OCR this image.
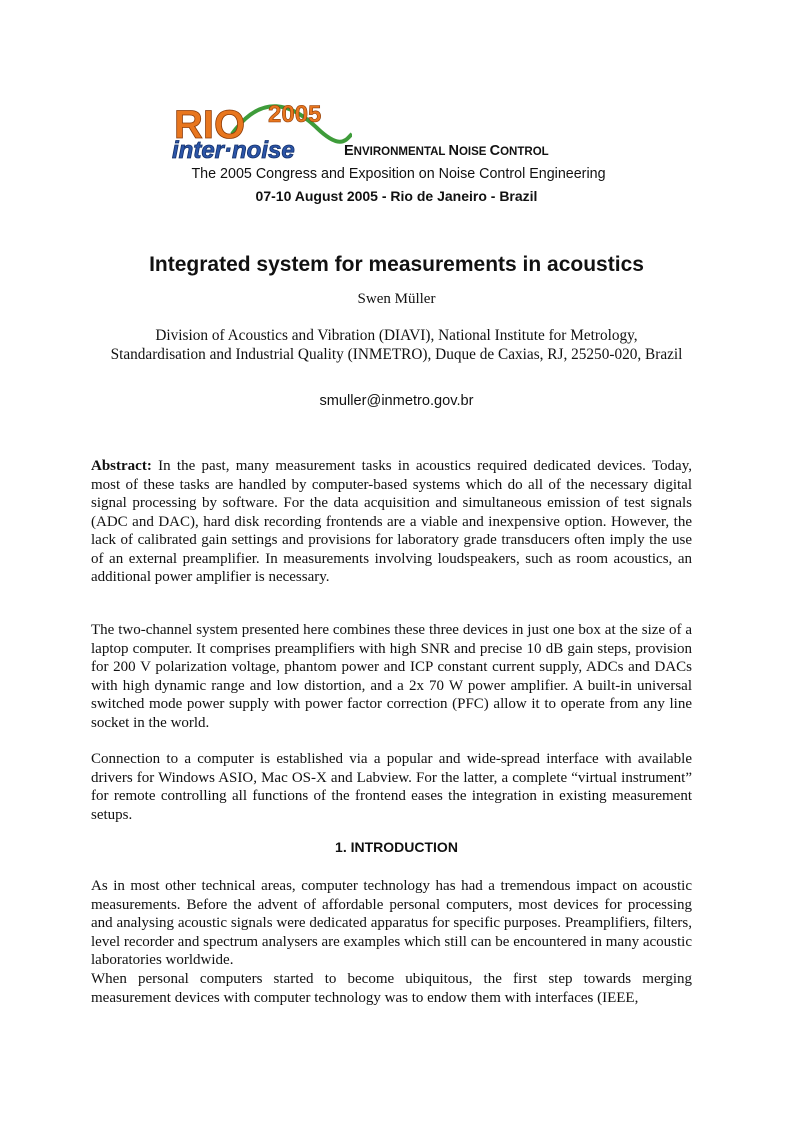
RIO 2005
inter·noise	ENVIRONMENTAL NOISE CONTROL
The 2005 Congress and Exposition on Noise Control Engineering
07-10 August 2005 - Rio de Janeiro - Brazil
Integrated system for measurements in acoustics
Swen Müller
Division of Acoustics and Vibration (DIAVI), National Institute for Metrology,
Standardisation and Industrial Quality (INMETRO), Duque de Caxias, RJ, 25250-020, Brazil
smuller@inmetro.gov.br

Abstract: In the past, many measurement tasks in acoustics required dedicated devices. Today, most of these tasks are handled by computer-based systems which do all of the necessary digital signal processing by software. For the data acquisition and simultaneous emission of test signals (ADC and DAC), hard disk recording frontends are a viable and inexpensive option. However, the lack of calibrated gain settings and provisions for laboratory grade transducers often imply the use of an external preamplifier. In measurements involving loudspeakers, such as room acoustics, an additional power amplifier is necessary.

The two-channel system presented here combines these three devices in just one box at the size of a laptop computer. It comprises preamplifiers with high SNR and precise 10 dB gain steps, provision for 200 V polarization voltage, phantom power and ICP constant current supply, ADCs and DACs with high dynamic range and low distortion, and a 2x 70 W power amplifier. A built-in universal switched mode power supply with power factor correction (PFC) allow it to operate from any line socket in the world.

Connection to a computer is established via a popular and wide-spread interface with available drivers for Windows ASIO, Mac OS-X and Labview. For the latter, a complete “virtual instrument” for remote controlling all functions of the frontend eases the integration in existing measurement setups.

1. INTRODUCTION

As in most other technical areas, computer technology has had a tremendous impact on acoustic measurements. Before the advent of affordable personal computers, most devices for processing and analysing acoustic signals were dedicated apparatus for specific purposes. Preamplifiers, filters, level recorder and spectrum analysers are examples which still can be encountered in many acoustic laboratories worldwide.

When personal computers started to become ubiquitous, the first step towards merging measurement devices with computer technology was to endow them with interfaces (IEEE,
